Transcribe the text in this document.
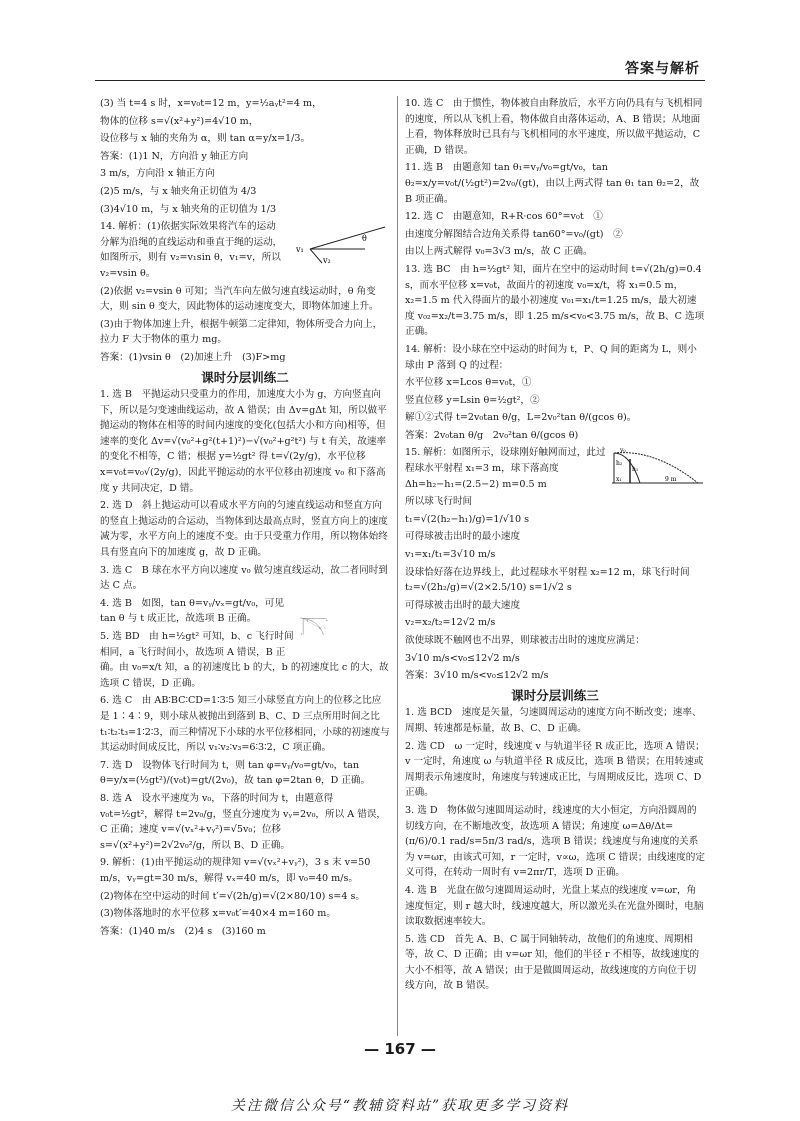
答案与解析
(3) 当 t=4 s 时，x=v₀t=12 m，y=½aᵧt²=4 m，
物体的位移 s=√(x²+y²)=4√10 m，
设位移与 x 轴的夹角为 α，则 tan α=y/x=1/3。
答案：(1)1 N，方向沿 y 轴正方向
3 m/s，方向沿 x 轴正方向
(2)5 m/s，与 x 轴夹角正切值为 4/3
(3)4√10 m，与 x 轴夹角的正切值为 1/3
v₁
v₂
θ
14. 解析：(1)依据实际效果将汽车的运动分解为沿绳的直线运动和垂直于绳的运动，如图所示，则有 v₂=v₁sin θ，v₁=v，所以 v₂=vsin θ。
(2)依据 v₂=vsin θ 可知；当汽车向左做匀速直线运动时，θ 角变大，则 sin θ 变大，因此物体的运动速度变大，即物体加速上升。
(3)由于物体加速上升，根据牛顿第二定律知，物体所受合力向上，拉力 F 大于物体的重力 mg。
答案：(1)vsin θ　(2)加速上升　(3)F>mg
课时分层训练二
1. 选 B　平抛运动只受重力的作用，加速度大小为 g，方向竖直向下，所以是匀变速曲线运动，故 A 错误；由 Δv=gΔt 知，所以做平抛运动的物体在相等的时间内速度的变化(包括大小和方向)相等，但速率的变化 Δv=√(v₀²+g²(t+1)²)−√(v₀²+g²t²) 与 t 有关，故速率的变化不相等，C 错；根据 y=½gt² 得 t=√(2y/g)，水平位移 x=v₀t=v₀√(2y/g)，因此平抛运动的水平位移由初速度 v₀ 和下落高度 y 共同决定，D 错。
2. 选 D　斜上抛运动可以看成水平方向的匀速直线运动和竖直方向的竖直上抛运动的合运动，当物体到达最高点时，竖直方向上的速度减为零，水平方向上的速度不变。由于只受重力作用，所以物体始终具有竖直向下的加速度 g，故 D 正确。
3. 选 C　B 球在水平方向以速度 v₀ 做匀速直线运动，故二者同时到达 C 点。
O
θ	x
y
P vₓ
vᵧ
4. 选 B　如图，tan θ=vᵧ/vₓ=gt/v₀，可见 tan θ 与 t 成正比，故选项 B 正确。
5. 选 BD　由 h=½gt² 可知，b、c 飞行时间相同，a 飞行时间小，故选项 A 错误，B 正确。由 v₀=x/t 知，a 的初速度比 b 的大，b 的初速度比 c 的大，故选项 C 错误，D 正确。
6. 选 C　由 AB∶BC∶CD=1∶3∶5 知三小球竖直方向上的位移之比应是 1∶4∶9，则小球从被抛出到落到 B、C、D 三点所用时间之比 t₁∶t₂∶t₃=1∶2∶3，而三种情况下小球的水平位移相同，小球的初速度与其运动时间成反比，所以 v₁∶v₂∶v₃=6∶3∶2，C 项正确。
7. 选 D　设物体飞行时间为 t，则 tan φ=vᵧ/v₀=gt/v₀，tan θ=y/x=(½gt²)/(v₀t)=gt/(2v₀)，故 tan φ=2tan θ，D 正确。
8. 选 A　设水平速度为 v₀，下落的时间为 t，由题意得 v₀t=½gt²，解得 t=2v₀/g，竖直分速度为 vᵧ=2v₀，所以 A 错误，C 正确；速度 v=√(vₓ²+vᵧ²)=√5v₀；位移 s=√(x²+y²)=2√2v₀²/g，所以 B、D 正确。
9. 解析：(1)由平抛运动的规律知 v=√(vₓ²+vᵧ²)，3 s 末 v=50 m/s，vᵧ=gt=30 m/s，解得 vₓ=40 m/s，即 v₀=40 m/s。
(2)物体在空中运动的时间 t′=√(2h/g)=√(2×80/10) s=4 s。
(3)物体落地时的水平位移 x=v₀t′=40×4 m=160 m。
答案：(1)40 m/s　(2)4 s　(3)160 m
10. 选 C　由于惯性，物体被自由释放后，水平方向仍具有与飞机相同的速度，所以从飞机上看，物体做自由落体运动，A、B 错误；从地面上看，物体释放时已具有与飞机相同的水平速度，所以做平抛运动，C 正确，D 错误。
11. 选 B　由题意知 tan θ₁=vᵧ/v₀=gt/v₀，tan θ₂=x/y=v₀t/(½gt²)=2v₀/(gt)，由以上两式得 tan θ₁ tan θ₂=2，故 B 项正确。
12. 选 C　由题意知，R+R·cos 60°=v₀t　①
由速度分解图结合边角关系得 tan60°=v₀/(gt)　②
由以上两式解得 v₀=3√3 m/s，故 C 正确。
13. 选 BC　由 h=½gt² 知，面片在空中的运动时间 t=√(2h/g)=0.4 s，而水平位移 x=v₀t，故面片的初速度 v₀=x/t，将 x₁=0.5 m，x₂=1.5 m 代入得面片的最小初速度 v₀₁=x₁/t=1.25 m/s，最大初速度 v₀₂=x₂/t=3.75 m/s，即 1.25 m/s<v₀<3.75 m/s，故 B、C 选项正确。
14. 解析：设小球在空中运动的时间为 t，P、Q 间的距离为 L，则小球由 P 落到 Q 的过程：
水平位移 x=Lcos θ=v₀t，①
竖直位移 y=Lsin θ=½gt²，②
解①②式得 t=2v₀tan θ/g，L=2v₀²tan θ/(gcos θ)。
答案：2v₀tan θ/g　2v₀²tan θ/(gcos θ)
h₂
h₁
x₁	9 m
v₀
15. 解析：如图所示，设球刚好触网而过，此过程球水平射程 x₁=3 m，球下落高度 Δh=h₂−h₁=(2.5−2) m=0.5 m
所以球飞行时间
t₁=√(2(h₂−h₁)/g)=1/√10 s
可得球被击出时的最小速度
v₁=x₁/t₁=3√10 m/s
设球恰好落在边界线上，此过程球水平射程 x₂=12 m，球飞行时间 t₂=√(2h₂/g)=√(2×2.5/10) s=1/√2 s
可得球被击出时的最大速度
v₂=x₂/t₂=12√2 m/s
欲使球既不触网也不出界，则球被击出时的速度应满足：
3√10 m/s<v₀≤12√2 m/s
答案：3√10 m/s<v₀≤12√2 m/s
课时分层训练三
1. 选 BCD　速度是矢量，匀速圆周运动的速度方向不断改变；速率、周期、转速都是标量，故 B、C、D 正确。
2. 选 CD　ω 一定时，线速度 v 与轨道半径 R 成正比，选项 A 错误；v 一定时，角速度 ω 与轨道半径 R 成反比，选项 B 错误；在用转速或周期表示角速度时，角速度与转速成正比，与周期成反比，选项 C、D 正确。
3. 选 D　物体做匀速圆周运动时，线速度的大小恒定，方向沿圆周的切线方向，在不断地改变，故选项 A 错误；角速度 ω=Δθ/Δt=(π/6)/0.1 rad/s=5π/3 rad/s，选项 B 错误；线速度与角速度的关系为 v=ωr，由该式可知，r 一定时，v∝ω，选项 C 错误；由线速度的定义可得，在转动一周时有 v=2πr/T，选项 D 正确。
4. 选 B　光盘在做匀速圆周运动时，光盘上某点的线速度 v=ωr，角速度恒定，则 r 越大时，线速度越大，所以激光头在光盘外圈时，电脑读取数据速率较大。
5. 选 CD　首先 A、B、C 属于同轴转动，故他们的角速度、周期相等，故 C、D 正确；由 v=ωr 知，他们的半径 r 不相等，故线速度的大小不相等，故 A 错误；由于是做圆周运动，故线速度的方向位于切线方向，故 B 错误。
— 167 —
关注微信公众号“教辅资料站”获取更多学习资料
